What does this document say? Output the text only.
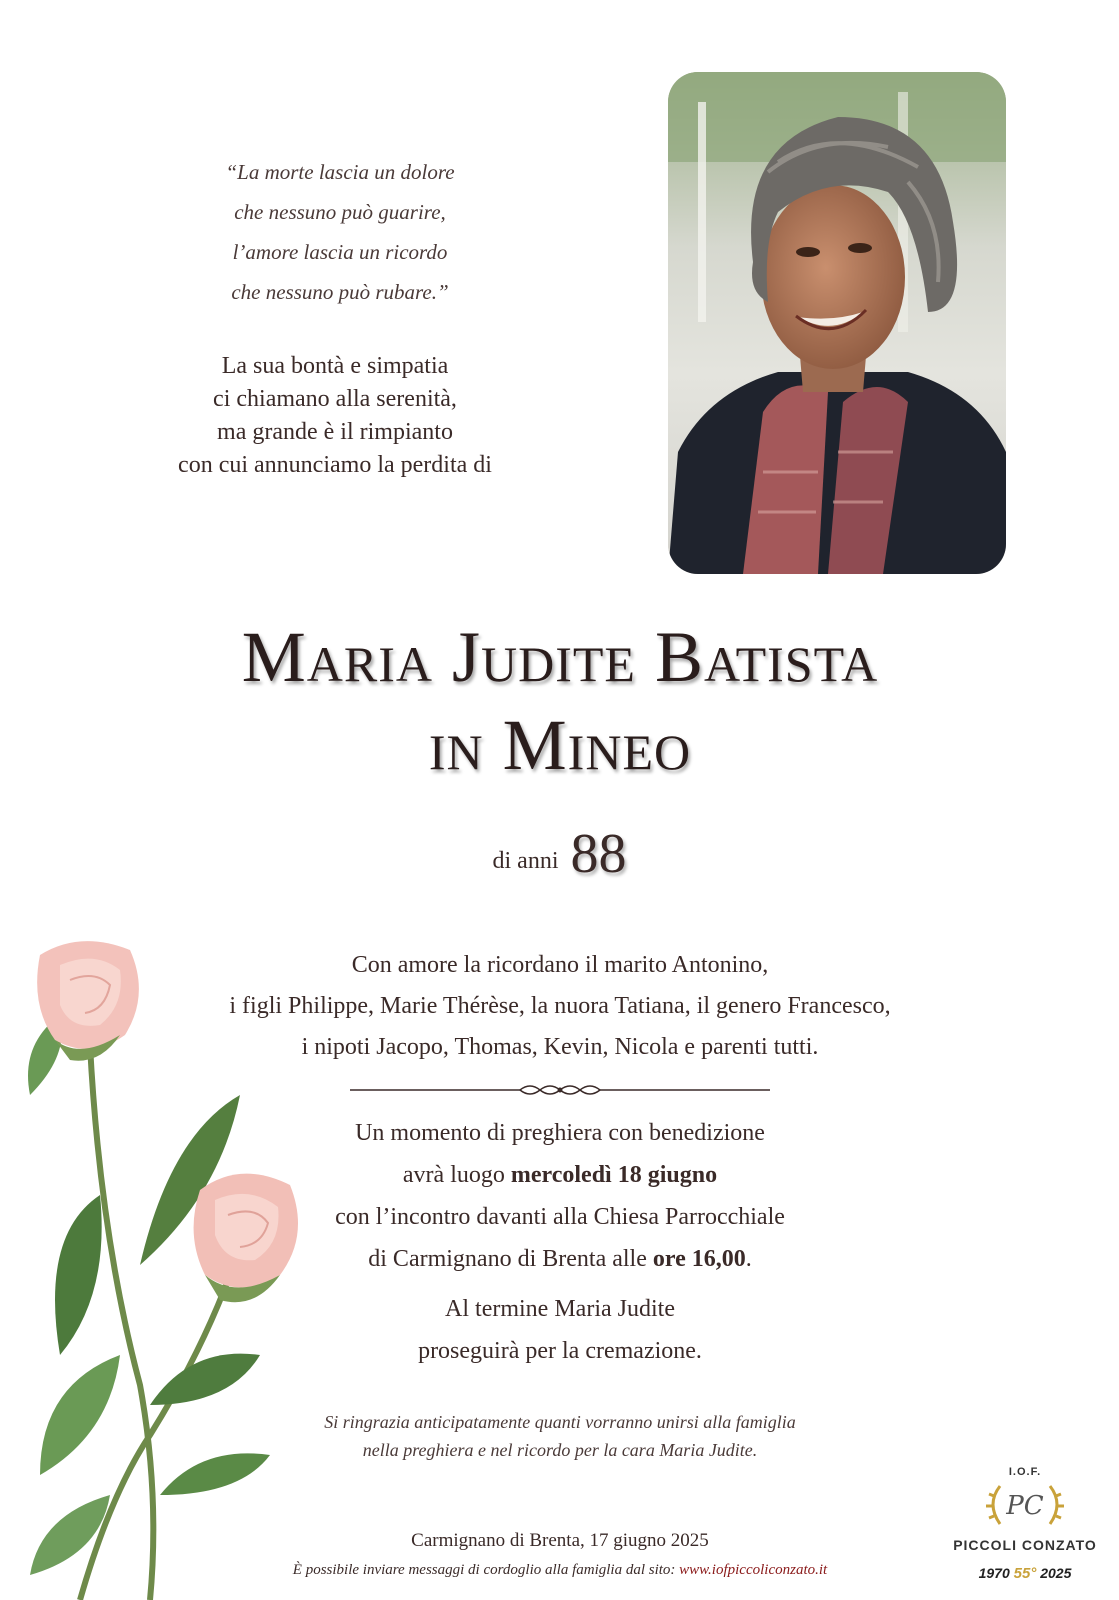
“La morte lascia un dolore
che nessuno può guarire,
l’amore lascia un ricordo
che nessuno può rubare.”
La sua bontà e simpatia
ci chiamano alla serenità,
ma grande è il rimpianto
con cui annunciamo la perdita di
Maria Judite Batista
in Mineo
di anni 88
Con amore la ricordano il marito Antonino,
i figli Philippe, Marie Thérèse, la nuora Tatiana, il genero Francesco,
i nipoti Jacopo, Thomas, Kevin, Nicola e parenti tutti.
Un momento di preghiera con benedizione
avrà luogo mercoledì 18 giugno
con l’incontro davanti alla Chiesa Parrocchiale
di Carmignano di Brenta alle ore 16,00.
Al termine Maria Judite
proseguirà per la cremazione.
Si ringrazia anticipatamente quanti vorranno unirsi alla famiglia
nella preghiera e nel ricordo per la cara Maria Judite.
Carmignano di Brenta, 17 giugno 2025
È possibile inviare messaggi di cordoglio alla famiglia dal sito: www.iofpiccoliconzato.it
I.O.F.
PC
PICCOLI CONZATO
1970 55° 2025
